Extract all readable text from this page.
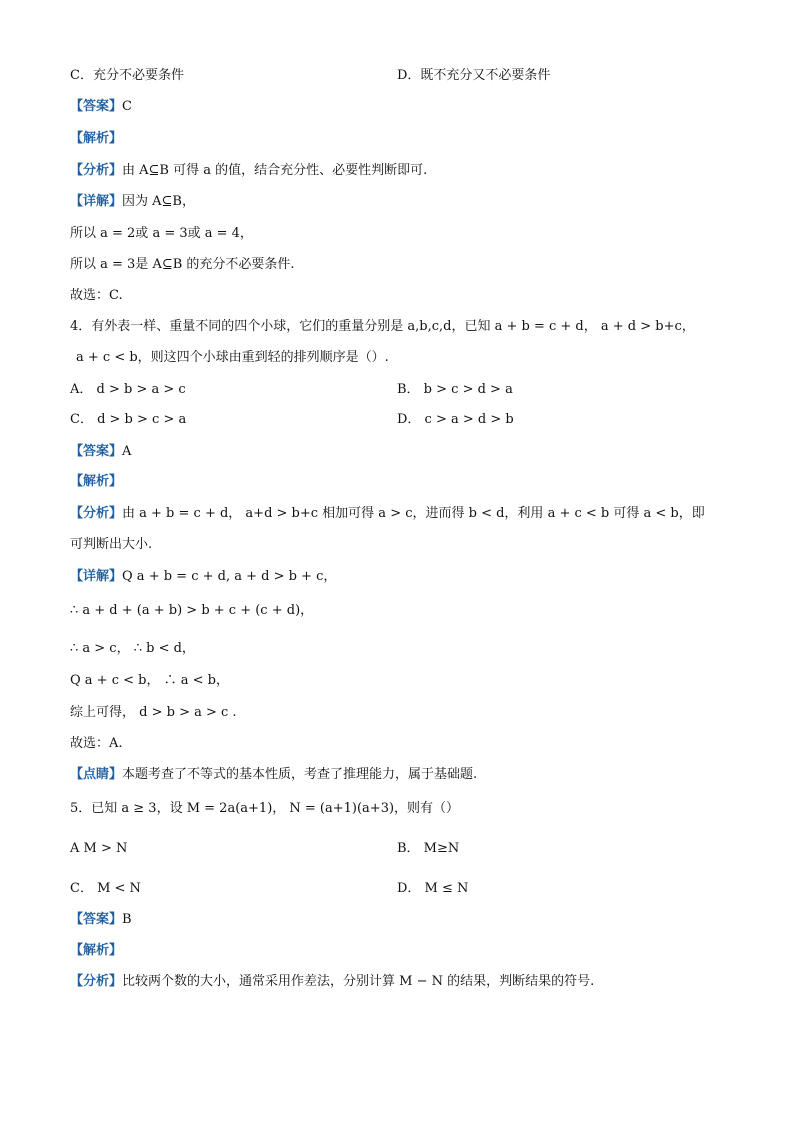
C．充分不必要条件	D．既不充分又不必要条件
【答案】C
【解析】
【分析】由 A⊆B 可得 a 的值，结合充分性、必要性判断即可.
【详解】因为 A⊆B，
所以 a = 2或 a = 3或 a = 4，
所以 a = 3是 A⊆B 的充分不必要条件.
故选：C.
4．有外表一样、重量不同的四个小球，它们的重量分别是 a,b,c,d，已知 a + b = c + d， a + d > b+c，
a + c < b，则这四个小球由重到轻的排列顺序是（）.
A． d > b > a > c	B． b > c > d > a
C． d > b > c > a	D． c > a > d > b
【答案】A
【解析】
【分析】由 a + b = c + d， a+d > b+c 相加可得 a > c，进而得 b < d，利用 a + c < b 可得 a < b，即
可判断出大小.
【详解】Q a + b = c + d, a + d > b + c，
∴ a + d + (a + b) > b + c + (c + d)，
∴ a > c， ∴ b < d，
Q a + c < b， ∴ a < b，
综上可得， d > b > a > c .
故选：A.
【点睛】本题考查了不等式的基本性质，考查了推理能力，属于基础题.
5．已知 a ≥ 3，设 M = 2a(a+1)， N = (a+1)(a+3)，则有（）
A M > N	B． M≥N
C． M < N	D． M ≤ N
【答案】B
【解析】
【分析】比较两个数的大小，通常采用作差法，分别计算 M − N 的结果，判断结果的符号.
